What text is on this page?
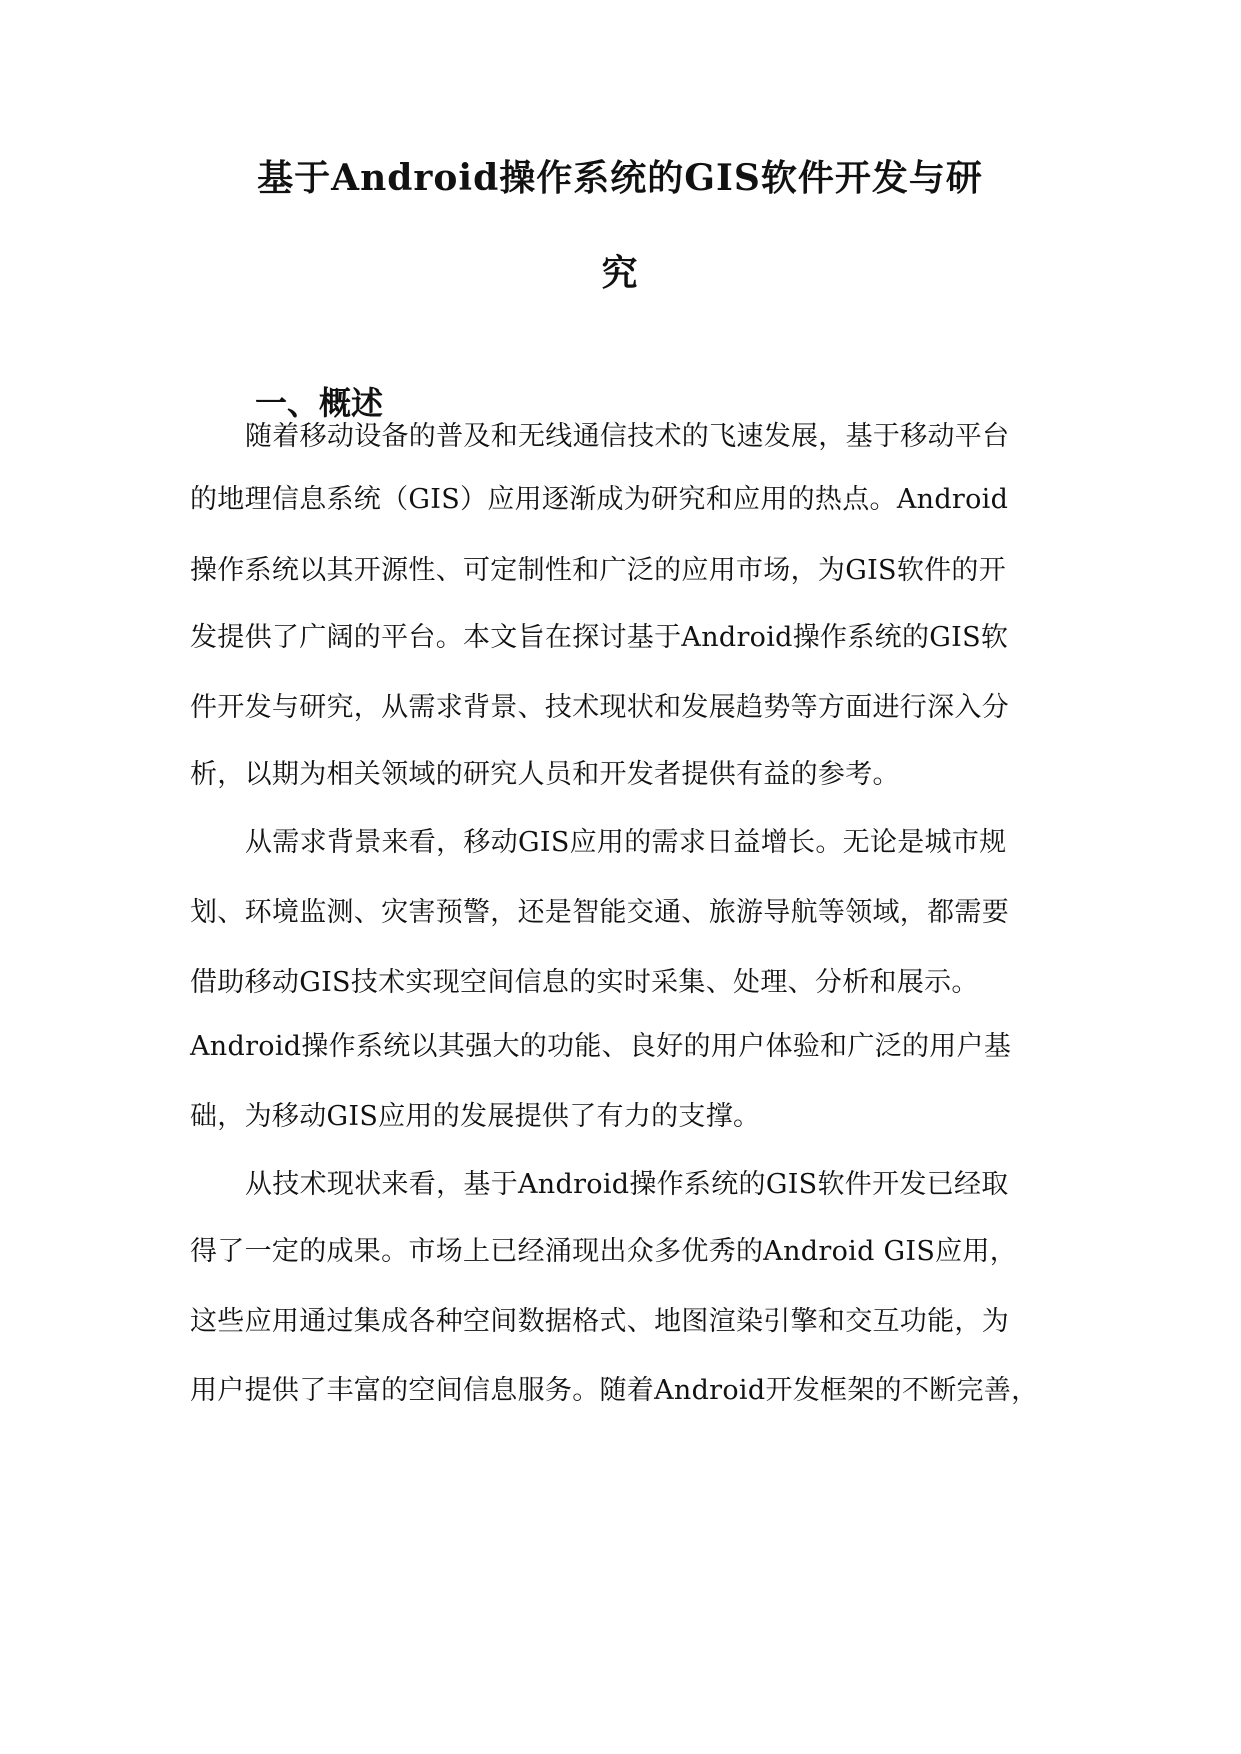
基于Android操作系统的GIS软件开发与研
究
一、概述
随着移动设备的普及和无线通信技术的飞速发展，基于移动平台
的地理信息系统（GIS）应用逐渐成为研究和应用的热点。Android
操作系统以其开源性、可定制性和广泛的应用市场，为GIS软件的开
发提供了广阔的平台。本文旨在探讨基于Android操作系统的GIS软
件开发与研究，从需求背景、技术现状和发展趋势等方面进行深入分
析，以期为相关领域的研究人员和开发者提供有益的参考。
从需求背景来看，移动GIS应用的需求日益增长。无论是城市规
划、环境监测、灾害预警，还是智能交通、旅游导航等领域，都需要
借助移动GIS技术实现空间信息的实时采集、处理、分析和展示。
Android操作系统以其强大的功能、良好的用户体验和广泛的用户基
础，为移动GIS应用的发展提供了有力的支撑。
从技术现状来看，基于Android操作系统的GIS软件开发已经取
得了一定的成果。市场上已经涌现出众多优秀的Android GIS应用，
这些应用通过集成各种空间数据格式、地图渲染引擎和交互功能，为
用户提供了丰富的空间信息服务。随着Android开发框架的不断完善，
